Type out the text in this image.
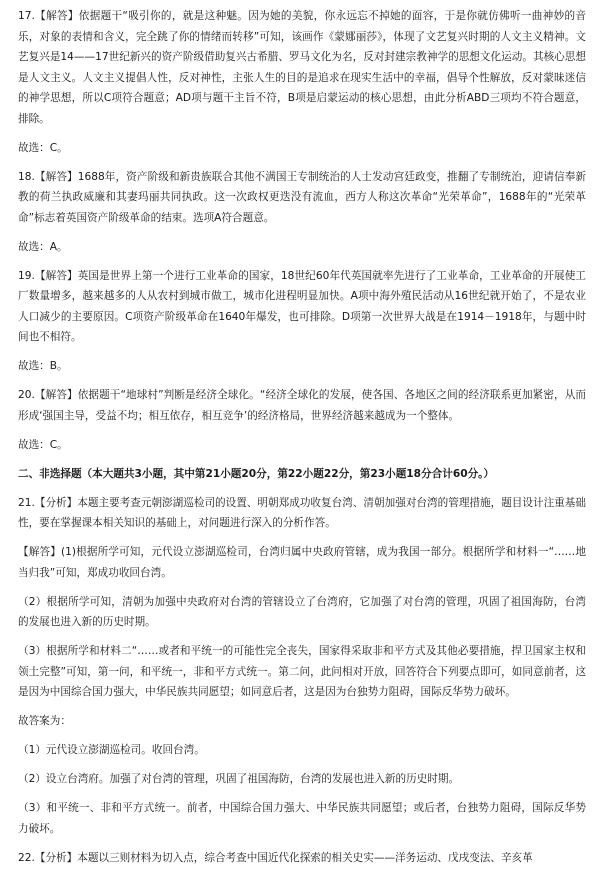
17.【解答】依据题干“吸引你的，就是这种魅。因为她的美貌，你永远忘不掉她的面容，于是你就仿佛听一曲神妙的音乐，对象的表情和含义，完全跳了你的情绪而转移”可知，该画作《蒙娜丽莎》，体现了文艺复兴时期的人文主义精神。文艺复兴是14——17世纪新兴的资产阶级借助复兴古希腊、罗马文化为名，反对封建宗教神学的思想文化运动。其核心思想是人文主义。人文主义提倡人性，反对神性，主张人生的目的是追求在现实生活中的幸福，倡导个性解放，反对蒙昧迷信的神学思想，所以C项符合题意；AD项与题干主旨不符，B项是启蒙运动的核心思想，由此分析ABD三项均不符合题意，排除。
故选：C。
18.【解答】1688年，资产阶级和新贵族联合其他不满国王专制统治的人士发动宫廷政变，推翻了专制统治，迎请信奉新教的荷兰执政威廉和其妻玛丽共同执政。这一次政权更迭没有流血，西方人称这次革命“光荣革命”，1688年的“光荣革命”标志着英国资产阶级革命的结束。选项A符合题意。
故选：A。
19.【解答】英国是世界上第一个进行工业革命的国家，18世纪60年代英国就率先进行了工业革命，工业革命的开展使工厂数量增多，越来越多的人从农村到城市做工，城市化进程明显加快。A项中海外殖民活动从16世纪就开始了，不是农业人口减少的主要原因。C项资产阶级革命在1640年爆发，也可排除。D项第一次世界大战是在1914－1918年，与题中时间也不相符。
故选：B。
20.【解答】依据题干“地球村”判断是经济全球化。“经济全球化的发展，使各国、各地区之间的经济联系更加紧密，从而形成‘强国主导，受益不均；相互依存，相互竞争’的经济格局，世界经济越来越成为一个整体。
故选：C。
二、非选择题（本大题共3小题，其中第21小题20分，第22小题22分，第23小题18分合计60分。）
21.【分析】本题主要考查元朝澎湖巡检司的设置、明朝郑成功收复台湾、清朝加强对台湾的管理措施，题目设计注重基础性，要在掌握课本相关知识的基础上，对问题进行深入的分析作答。
【解答】(1)根据所学可知，元代设立澎湖巡检司，台湾归属中央政府管辖，成为我国一部分。根据所学和材料一“……地当归我”可知，郑成功收回台湾。
（2）根据所学可知，清朝为加强中央政府对台湾的管辖设立了台湾府，它加强了对台湾的管理，巩固了祖国海防，台湾的发展也进入新的历史时期。
（3）根据所学和材料二“……或者和平统一的可能性完全丧失，国家得采取非和平方式及其他必要措施，捍卫国家主权和领土完整”可知，第一问，和平统一，非和平方式统一。第二问，此问相对开放，回答符合下列要点即可，如同意前者，这是因为中国综合国力强大，中华民族共同愿望；如同意后者，这是因为台独势力阻碍，国际反华势力破坏。
故答案为：
（1）元代设立澎湖巡检司。收回台湾。
（2）设立台湾府。加强了对台湾的管理，巩固了祖国海防，台湾的发展也进入新的历史时期。
（3）和平统一、非和平方式统一。前者，中国综合国力强大、中华民族共同愿望；或后者，台独势力阻碍，国际反华势力破坏。
22.【分析】本题以三则材料为切入点，综合考查中国近代化探索的相关史实——洋务运动、戊戌变法、辛亥革
